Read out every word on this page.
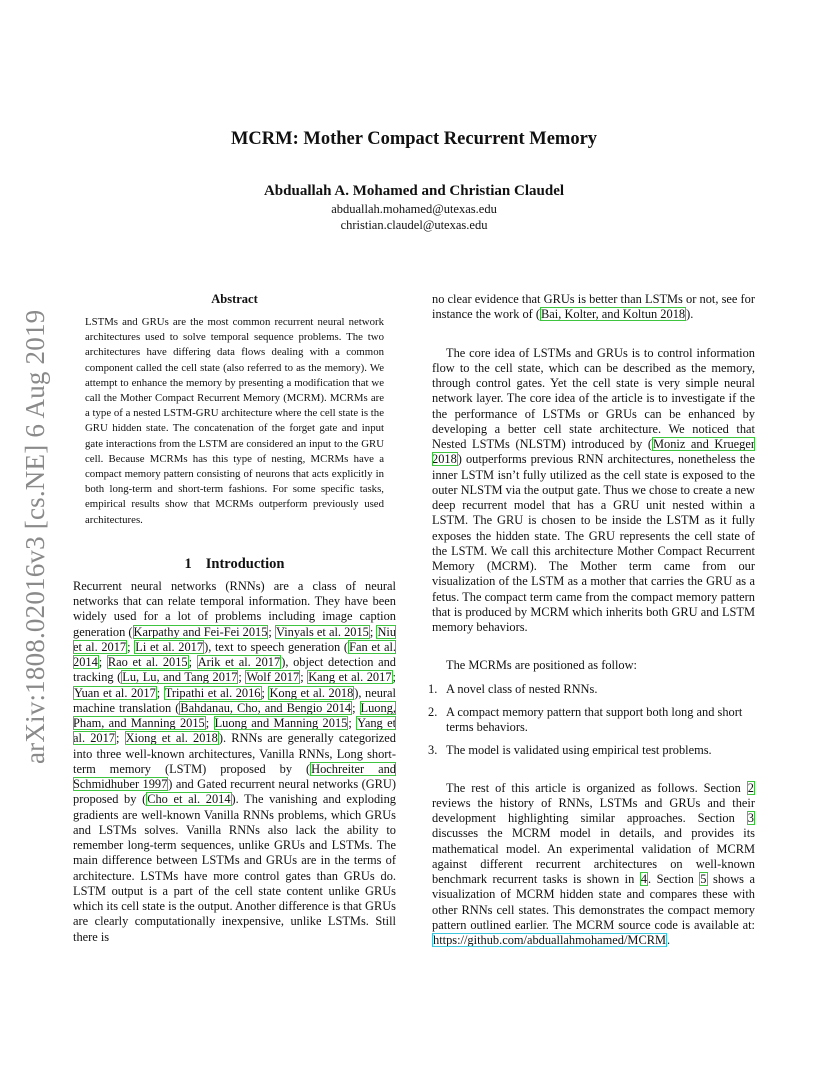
arXiv:1808.02016v3 [cs.NE] 6 Aug 2019
MCRM: Mother Compact Recurrent Memory
Abduallah A. Mohamed and Christian Claudel
abduallah.mohamed@utexas.edu
christian.claudel@utexas.edu
Abstract

LSTMs and GRUs are the most common recurrent neural network architectures used to solve temporal sequence problems. The two architectures have differing data flows dealing with a common component called the cell state (also referred to as the memory). We attempt to enhance the memory by presenting a modification that we call the Mother Compact Recurrent Memory (MCRM). MCRMs are a type of a nested LSTM-GRU architecture where the cell state is the GRU hidden state. The concatenation of the forget gate and input gate interactions from the LSTM are considered an input to the GRU cell. Because MCRMs has this type of nesting, MCRMs have a compact memory pattern consisting of neurons that acts explicitly in both long-term and short-term fashions. For some specific tasks, empirical results show that MCRMs outperform previously used architectures.

1 Introduction

Recurrent neural networks (RNNs) are a class of neural networks that can relate temporal information. They have been widely used for a lot of problems including image caption generation (Karpathy and Fei-Fei 2015; Vinyals et al. 2015; Niu et al. 2017; Li et al. 2017), text to speech generation (Fan et al. 2014; Rao et al. 2015; Arik et al. 2017), object detection and tracking (Lu, Lu, and Tang 2017; Wolf 2017; Kang et al. 2017; Yuan et al. 2017; Tripathi et al. 2016; Kong et al. 2018), neural machine translation (Bahdanau, Cho, and Bengio 2014; Luong, Pham, and Manning 2015; Luong and Manning 2015; Yang et al. 2017; Xiong et al. 2018). RNNs are generally categorized into three well-known architectures, Vanilla RNNs, Long short-term memory (LSTM) proposed by (Hochreiter and Schmidhuber 1997) and Gated recurrent neural networks (GRU) proposed by (Cho et al. 2014). The vanishing and exploding gradients are well-known Vanilla RNNs problems, which GRUs and LSTMs solves. Vanilla RNNs also lack the ability to remember long-term sequences, unlike GRUs and LSTMs. The main difference between LSTMs and GRUs are in the terms of architecture. LSTMs have more control gates than GRUs do. LSTM output is a part of the cell state content unlike GRUs which its cell state is the output. Another difference is that GRUs are clearly computationally inexpensive, unlike LSTMs. Still there is

no clear evidence that GRUs is better than LSTMs or not, see for instance the work of (Bai, Kolter, and Koltun 2018).

The core idea of LSTMs and GRUs is to control information flow to the cell state, which can be described as the memory, through control gates. Yet the cell state is very simple neural network layer. The core idea of the article is to investigate if the the performance of LSTMs or GRUs can be enhanced by developing a better cell state architecture. We noticed that Nested LSTMs (NLSTM) introduced by (Moniz and Krueger 2018) outperforms previous RNN architectures, nonetheless the inner LSTM isn’t fully utilized as the cell state is exposed to the outer NLSTM via the output gate. Thus we chose to create a new deep recurrent model that has a GRU unit nested within a LSTM. The GRU is chosen to be inside the LSTM as it fully exposes the hidden state. The GRU represents the cell state of the LSTM. We call this architecture Mother Compact Recurrent Memory (MCRM). The Mother term came from our visualization of the LSTM as a mother that carries the GRU as a fetus. The compact term came from the compact memory pattern that is produced by MCRM which inherits both GRU and LSTM memory behaviors.

The MCRMs are positioned as follow:

1. A novel class of nested RNNs.
2. A compact memory pattern that support both long and short terms behaviors.
3. The model is validated using empirical test problems.

The rest of this article is organized as follows. Section 2 reviews the history of RNNs, LSTMs and GRUs and their development highlighting similar approaches. Section 3 discusses the MCRM model in details, and provides its mathematical model. An experimental validation of MCRM against different recurrent architectures on well-known benchmark recurrent tasks is shown in 4. Section 5 shows a visualization of MCRM hidden state and compares these with other RNNs cell states. This demonstrates the compact memory pattern outlined earlier. The MCRM source code is available at: https://github.com/abduallahmohamed/MCRM.
